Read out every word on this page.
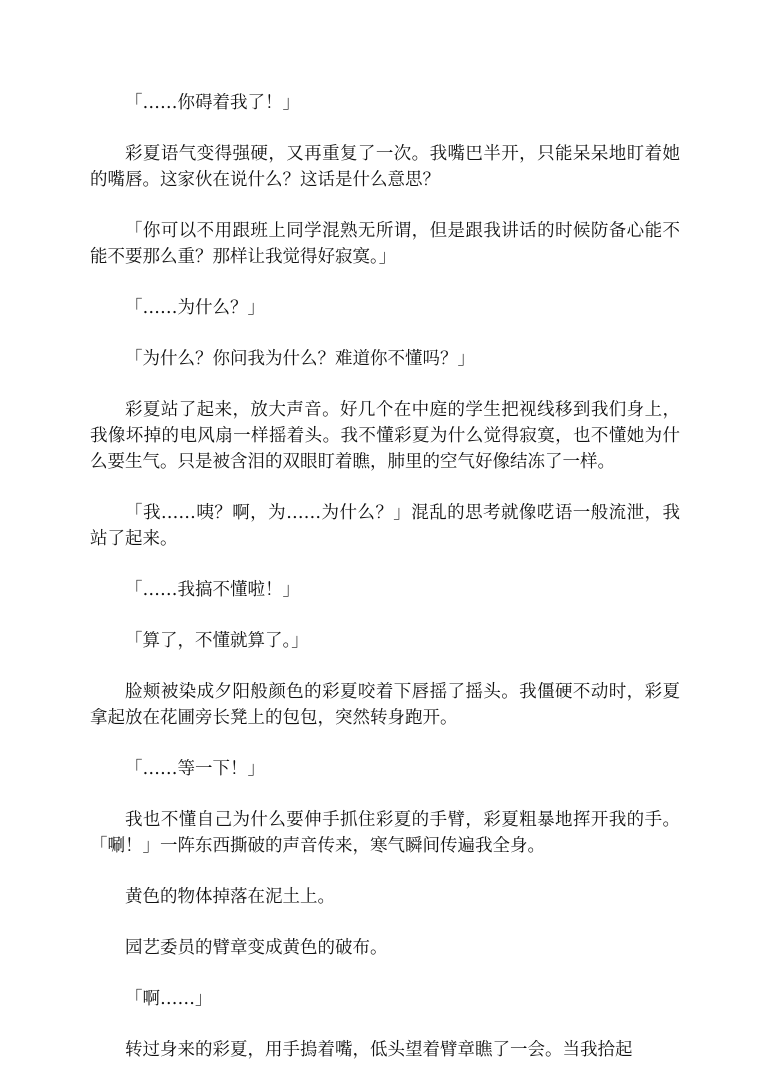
「……你碍着我了！」

彩夏语气变得强硬，又再重复了一次。我嘴巴半开，只能呆呆地盯着她的嘴唇。这家伙在说什么？这话是什么意思？

「你可以不用跟班上同学混熟无所谓，但是跟我讲话的时候防备心能不能不要那么重？那样让我觉得好寂寞。」

「……为什么？」

「为什么？你问我为什么？难道你不懂吗？」

彩夏站了起来，放大声音。好几个在中庭的学生把视线移到我们身上，我像坏掉的电风扇一样摇着头。我不懂彩夏为什么觉得寂寞，也不懂她为什么要生气。只是被含泪的双眼盯着瞧，肺里的空气好像结冻了一样。

「我……咦？啊，为……为什么？」混乱的思考就像呓语一般流泄，我站了起来。

「……我搞不懂啦！」

「算了，不懂就算了。」

脸颊被染成夕阳般颜色的彩夏咬着下唇摇了摇头。我僵硬不动时，彩夏拿起放在花圃旁长凳上的包包，突然转身跑开。

「……等一下！」

我也不懂自己为什么要伸手抓住彩夏的手臂，彩夏粗暴地挥开我的手。「唰！」一阵东西撕破的声音传来，寒气瞬间传遍我全身。

黄色的物体掉落在泥土上。

园艺委员的臂章变成黄色的破布。

「啊……」

转过身来的彩夏，用手摀着嘴，低头望着臂章瞧了一会。当我拾起
